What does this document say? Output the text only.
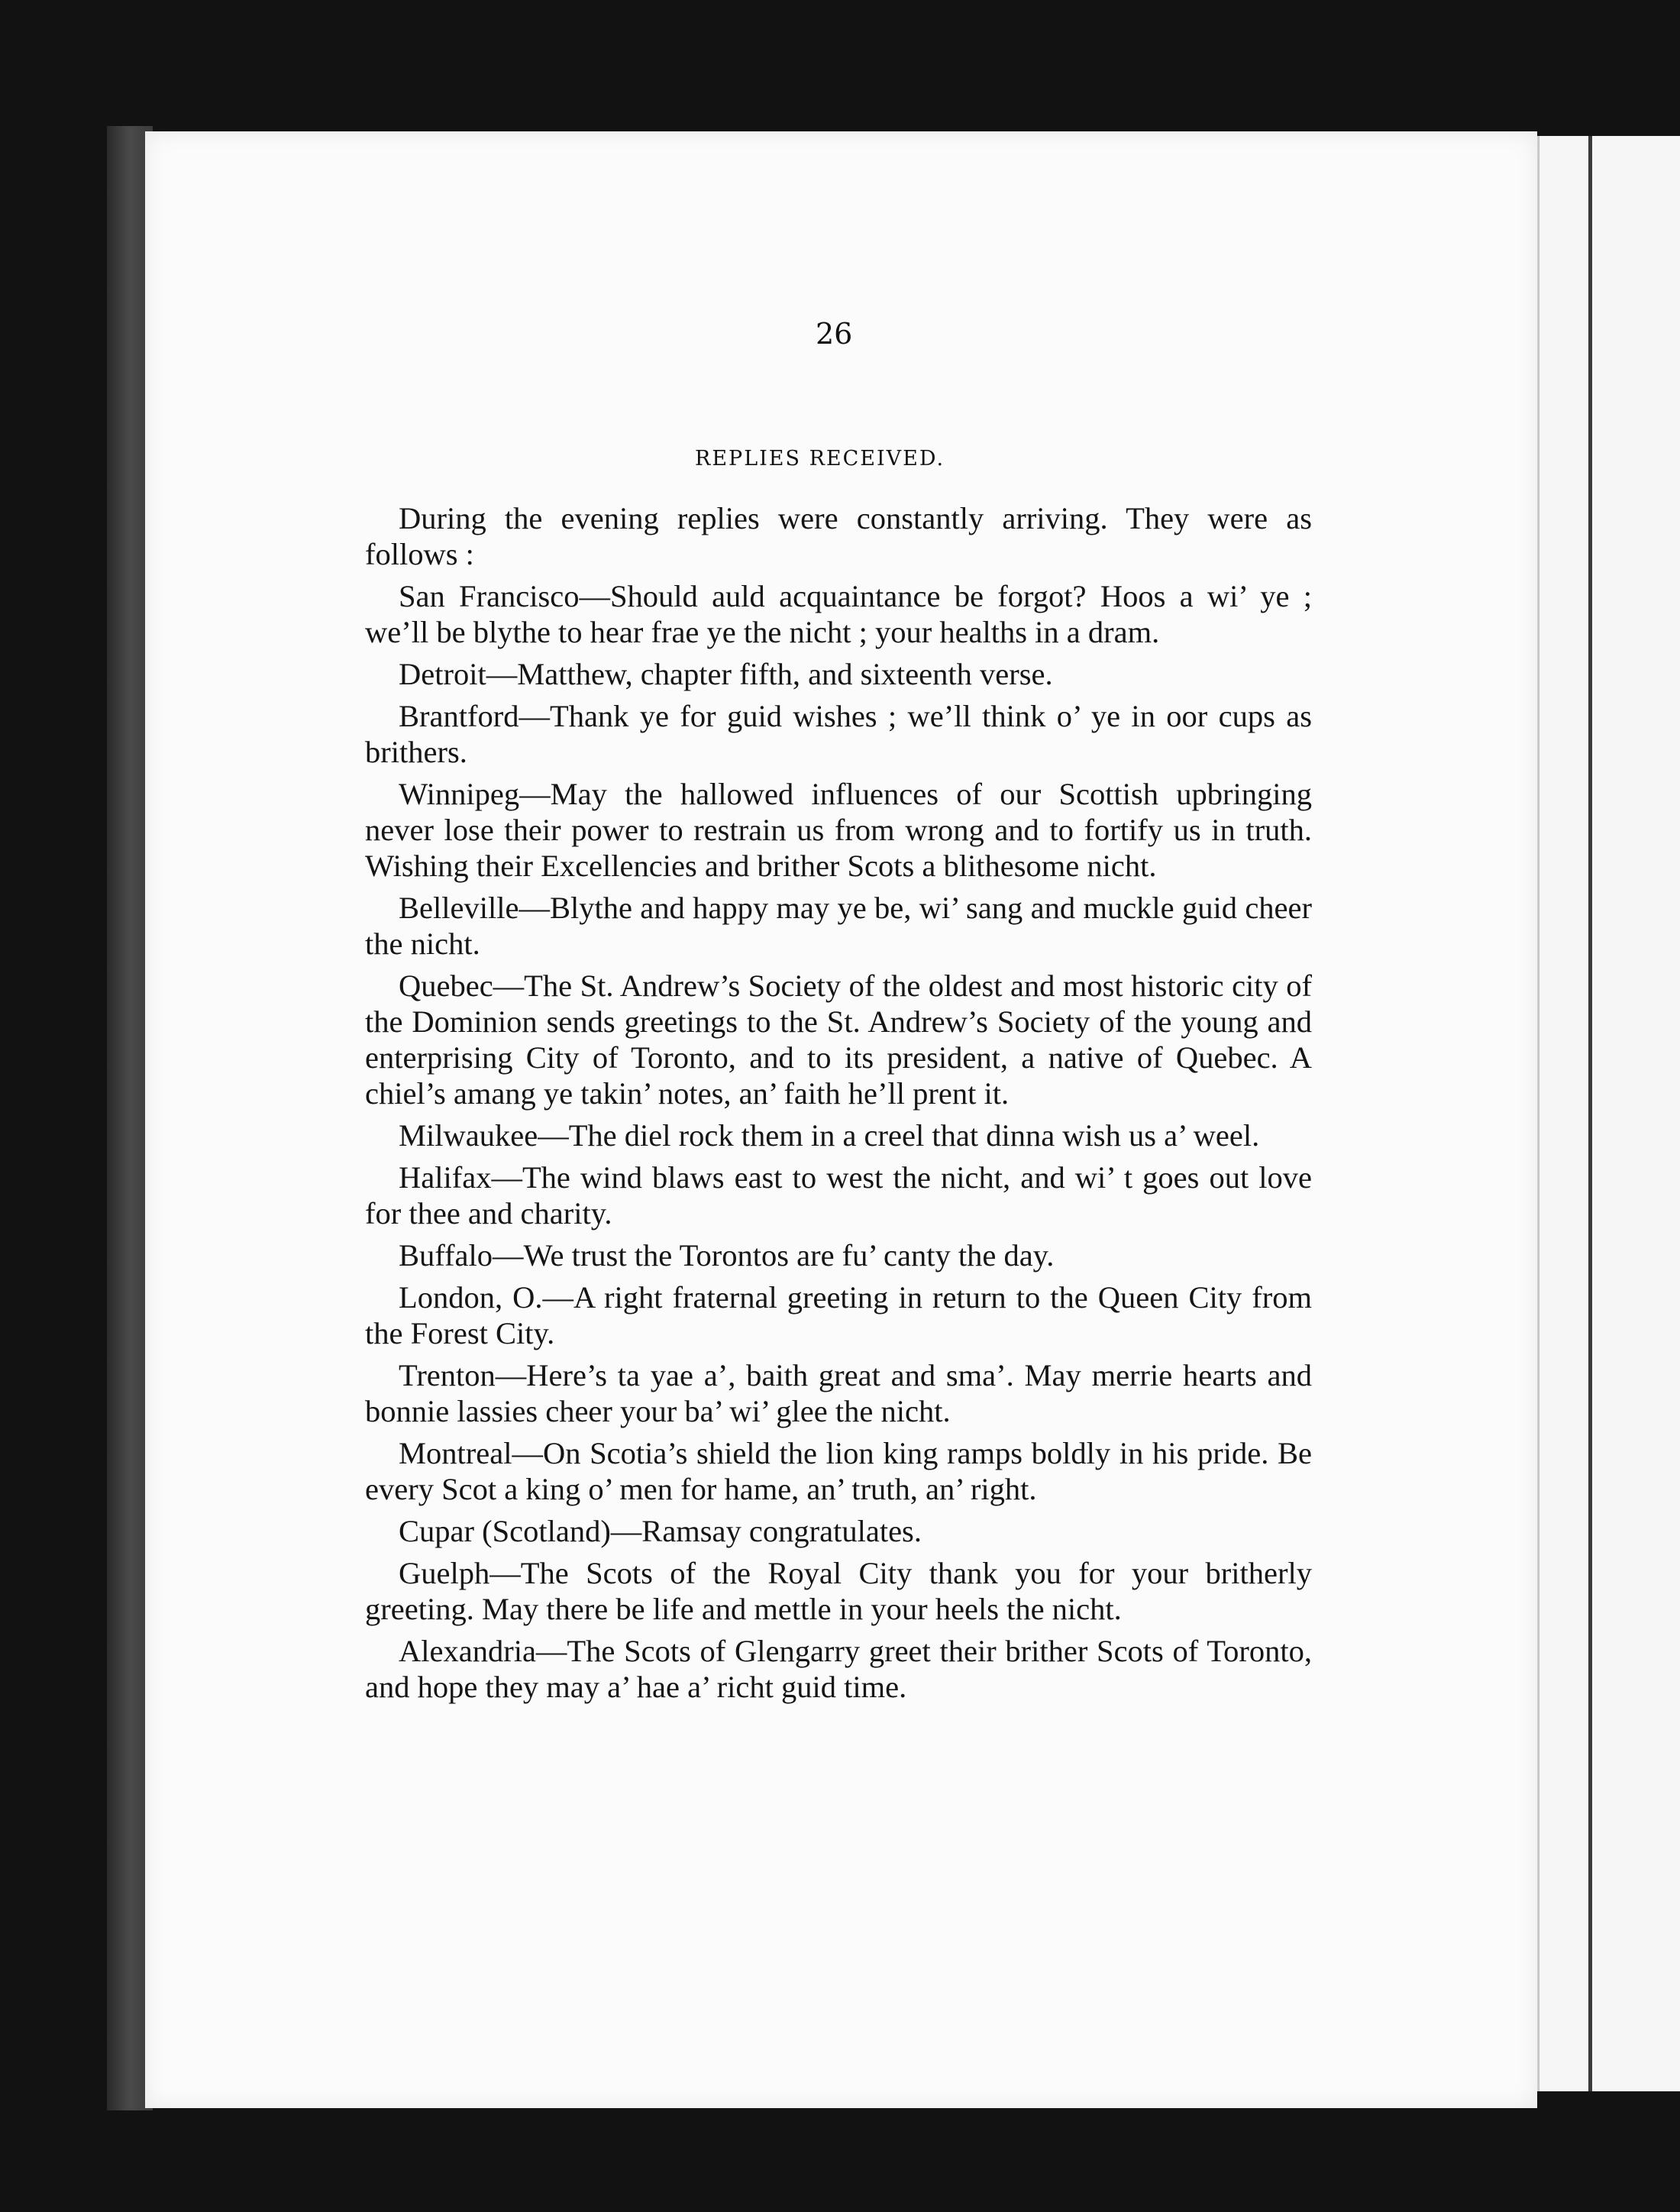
26
REPLIES RECEIVED.

During the evening replies were constantly arriving. They were as follows :

San Francisco—Should auld acquaintance be forgot? Hoos a wi’ ye ; we’ll be blythe to hear frae ye the nicht ; your healths in a dram.

Detroit—Matthew, chapter fifth, and sixteenth verse.

Brantford—Thank ye for guid wishes ; we’ll think o’ ye in oor cups as brithers.

Winnipeg—May the hallowed influences of our Scottish upbringing never lose their power to restrain us from wrong and to fortify us in truth. Wishing their Excellencies and brither Scots a blithesome nicht.

Belleville—Blythe and happy may ye be, wi’ sang and muckle guid cheer the nicht.

Quebec—The St. Andrew’s Society of the oldest and most historic city of the Dominion sends greetings to the St. Andrew’s Society of the young and enterprising City of Toronto, and to its president, a native of Quebec. A chiel’s amang ye takin’ notes, an’ faith he’ll prent it.

Milwaukee—The diel rock them in a creel that dinna wish us a’ weel.

Halifax—The wind blaws east to west the nicht, and wi’ t goes out love for thee and charity.

Buffalo—We trust the Torontos are fu’ canty the day.

London, O.—A right fraternal greeting in return to the Queen City from the Forest City.

Trenton—Here’s ta yae a’, baith great and sma’. May merrie hearts and bonnie lassies cheer your ba’ wi’ glee the nicht.

Montreal—On Scotia’s shield the lion king ramps boldly in his pride. Be every Scot a king o’ men for hame, an’ truth, an’ right.

Cupar (Scotland)—Ramsay congratulates.

Guelph—The Scots of the Royal City thank you for your britherly greeting. May there be life and mettle in your heels the nicht.

Alexandria—The Scots of Glengarry greet their brither Scots of Toronto, and hope they may a’ hae a’ richt guid time.
